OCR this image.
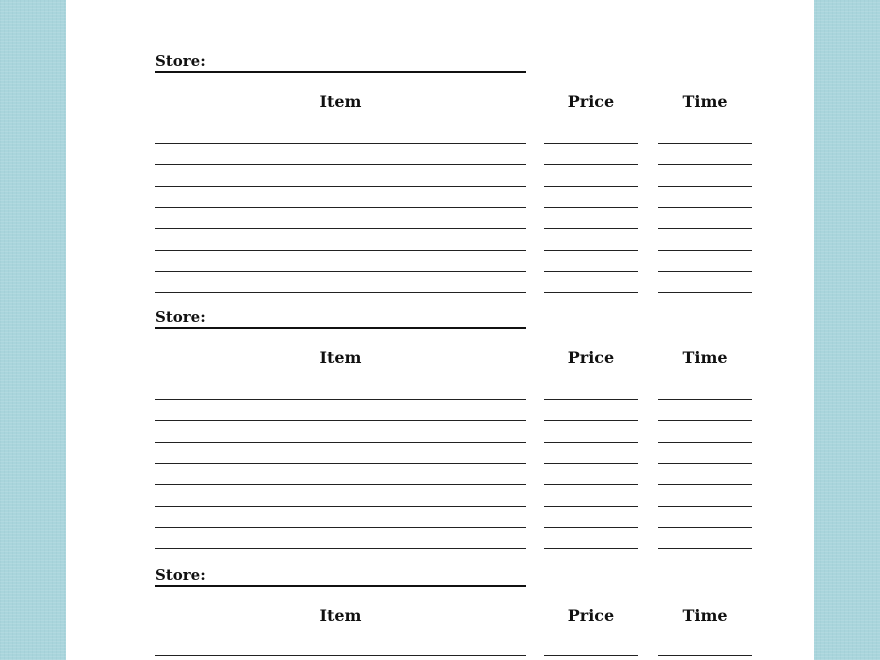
Store:
Item	Price	Time
Store:
Item	Price	Time
Store:
Item	Price	Time
